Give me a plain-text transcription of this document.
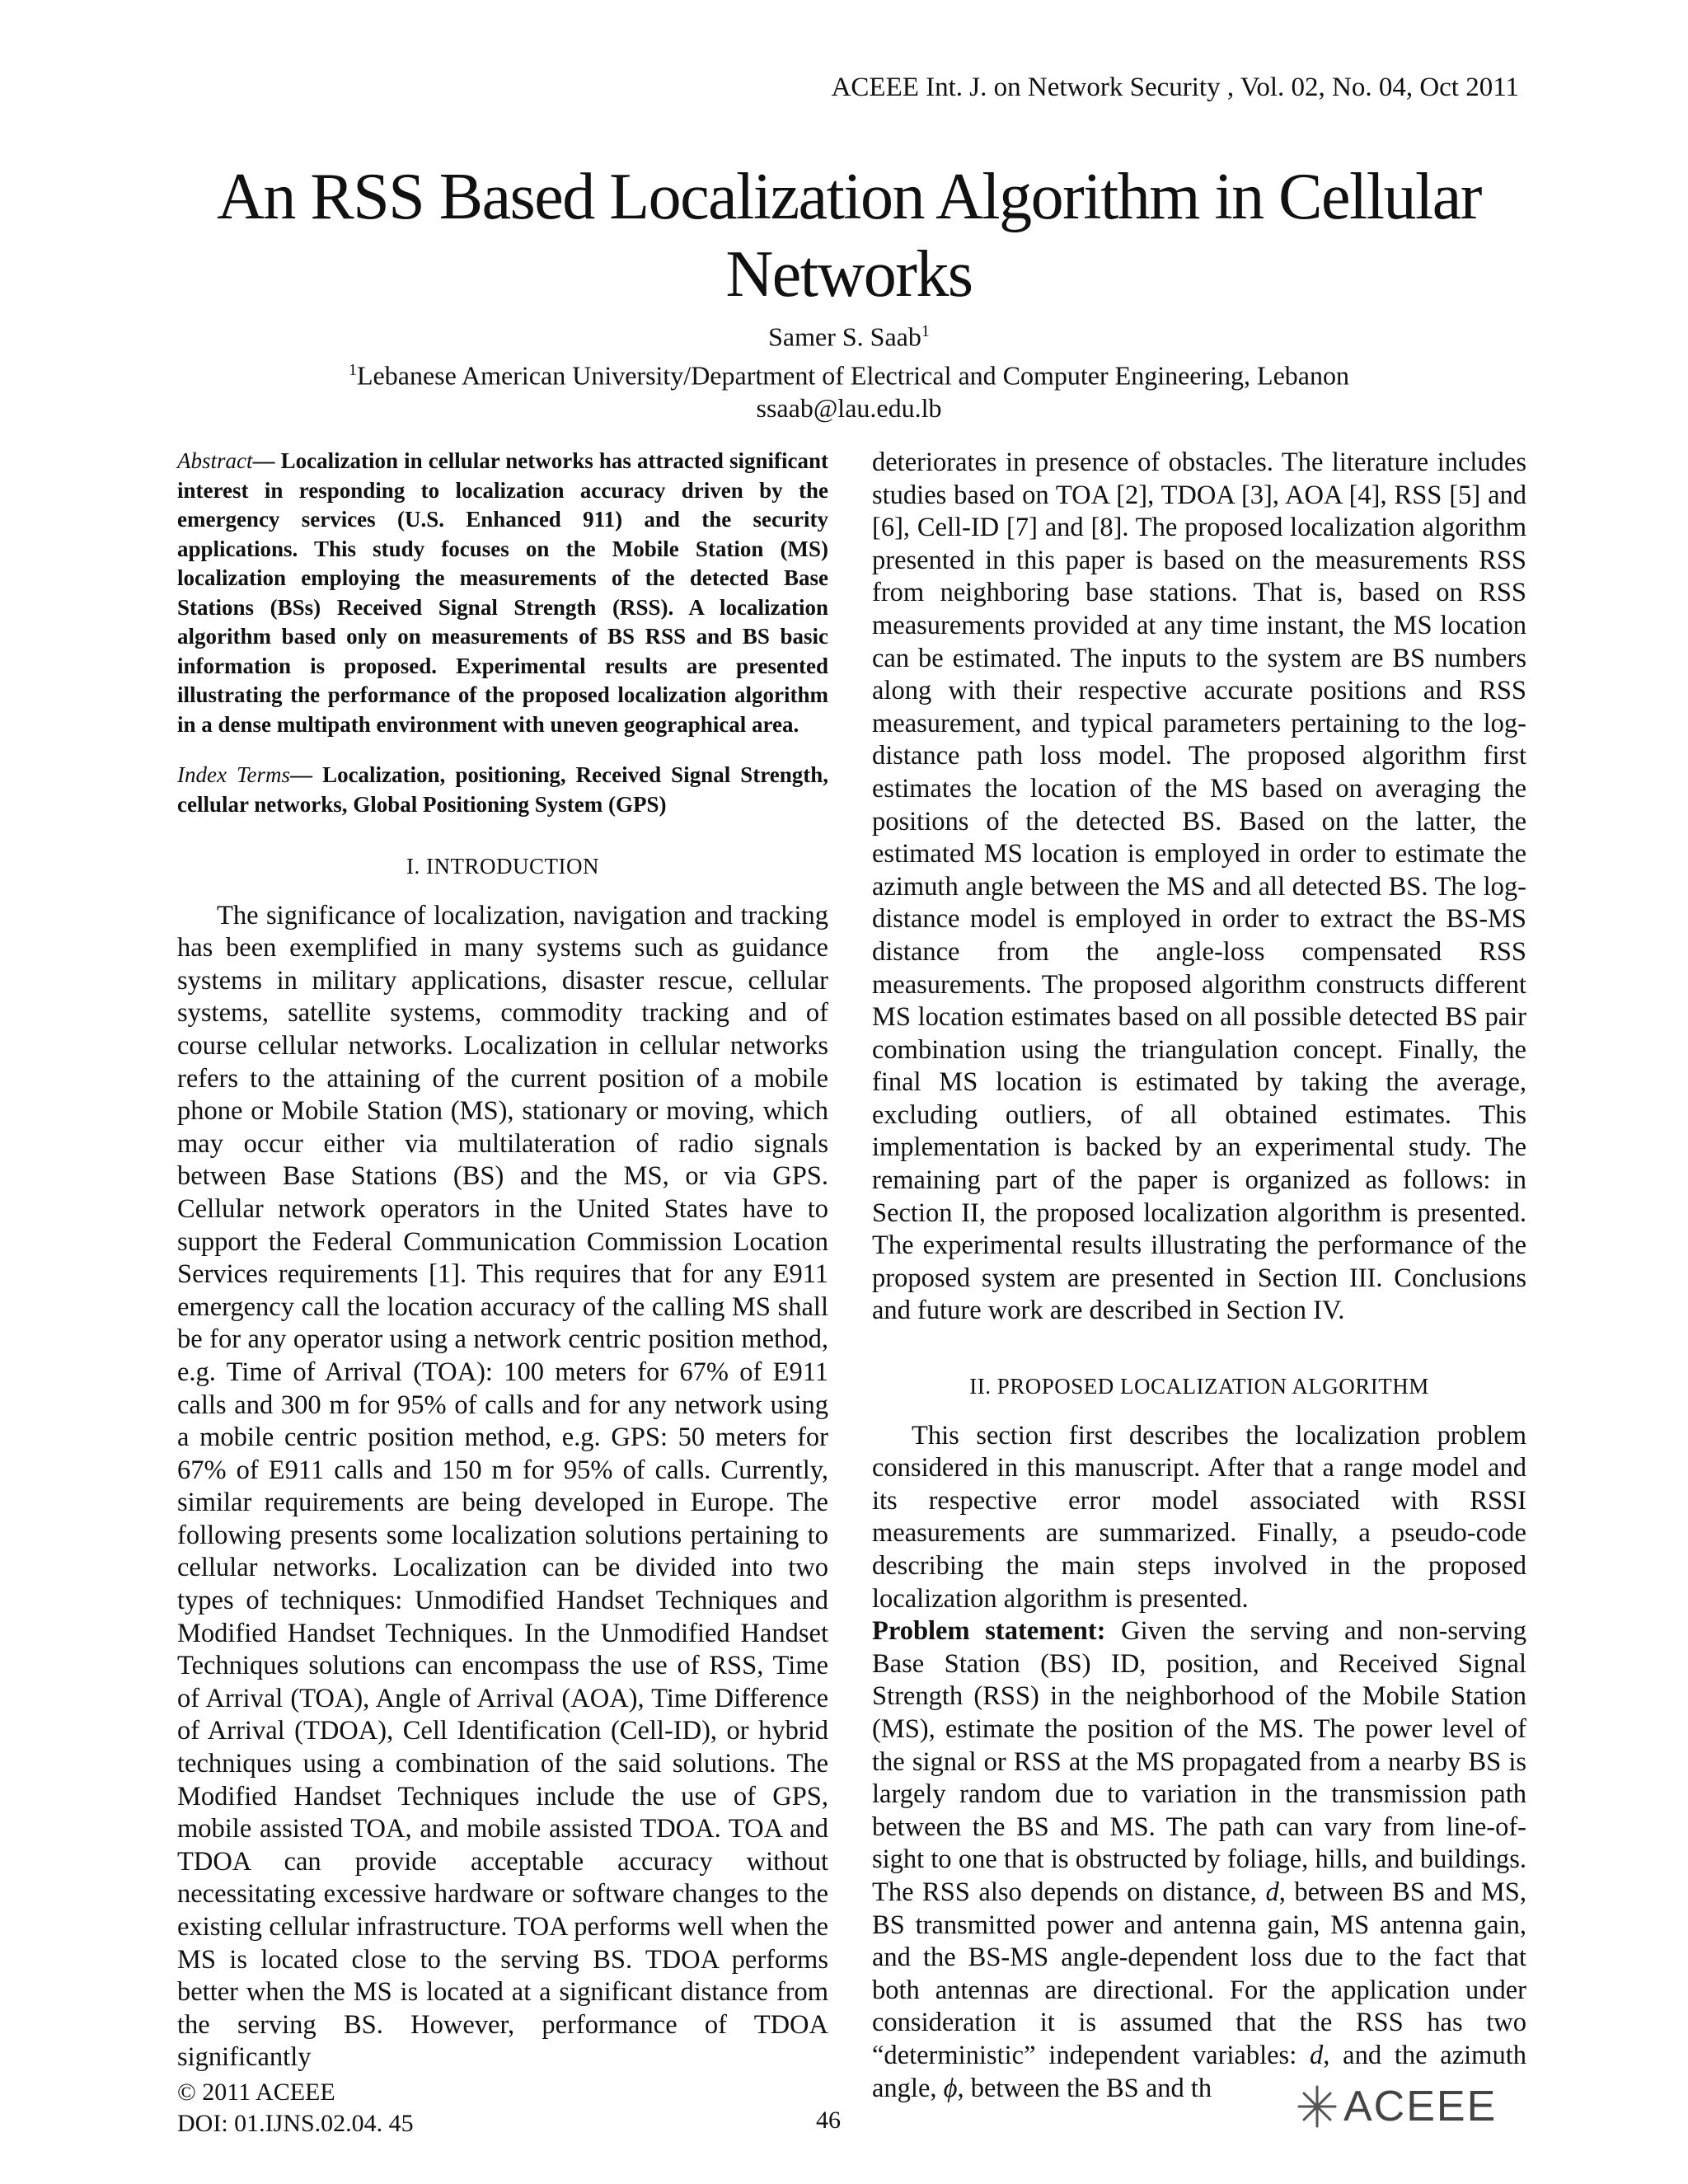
ACEEE Int. J. on Network Security , Vol. 02, No. 04, Oct 2011
An RSS Based Localization Algorithm in Cellular Networks
Samer S. Saab$^1$
$^1$Lebanese American University/Department of Electrical and Computer Engineering, Lebanon
ssaab@lau.edu.lb

Abstract— Localization in cellular networks has attracted significant interest in responding to localization accuracy driven by the emergency services (U.S. Enhanced 911) and the security applications. This study focuses on the Mobile Station (MS) localization employing the measurements of the detected Base Stations (BSs) Received Signal Strength (RSS). A localization algorithm based only on measurements of BS RSS and BS basic information is proposed. Experimental results are presented illustrating the performance of the proposed localization algorithm in a dense multipath environment with uneven geographical area.

Index Terms— Localization, positioning, Received Signal Strength, cellular networks, Global Positioning System (GPS)

I. INTRODUCTION

The significance of localization, navigation and tracking has been exemplified in many systems such as guidance systems in military applications, disaster rescue, cellular systems, satellite systems, commodity tracking and of course cellular networks. Localization in cellular networks refers to the attaining of the current position of a mobile phone or Mobile Station (MS), stationary or moving, which may occur either via multilateration of radio signals between Base Stations (BS) and the MS, or via GPS. Cellular network operators in the United States have to support the Federal Communication Commission Location Services requirements [1]. This requires that for any E911 emergency call the location accuracy of the calling MS shall be for any operator using a network centric position method, e.g. Time of Arrival (TOA): 100 meters for 67% of E911 calls and 300 m for 95% of calls and for any network using a mobile centric position method, e.g. GPS: 50 meters for 67% of E911 calls and 150 m for 95% of calls. Currently, similar requirements are being developed in Europe. The following presents some localization solutions pertaining to cellular networks. Localization can be divided into two types of techniques: Unmodified Handset Techniques and Modified Handset Techniques. In the Unmodified Handset Techniques solutions can encompass the use of RSS, Time of Arrival (TOA), Angle of Arrival (AOA), Time Difference of Arrival (TDOA), Cell Identification (Cell-ID), or hybrid techniques using a combination of the said solutions. The Modified Handset Techniques include the use of GPS, mobile assisted TOA, and mobile assisted TDOA. TOA and TDOA can provide acceptable accuracy without necessitating excessive hardware or software changes to the existing cellular infrastructure. TOA performs well when the MS is located close to the serving BS. TDOA performs better when the MS is located at a significant distance from the serving BS. However, performance of TDOA significantly

deteriorates in presence of obstacles. The literature includes studies based on TOA [2], TDOA [3], AOA [4], RSS [5] and [6], Cell-ID [7] and [8]. The proposed localization algorithm presented in this paper is based on the measurements RSS from neighboring base stations. That is, based on RSS measurements provided at any time instant, the MS location can be estimated. The inputs to the system are BS numbers along with their respective accurate positions and RSS measurement, and typical parameters pertaining to the log-distance path loss model. The proposed algorithm first estimates the location of the MS based on averaging the positions of the detected BS. Based on the latter, the estimated MS location is employed in order to estimate the azimuth angle between the MS and all detected BS. The log-distance model is employed in order to extract the BS-MS distance from the angle-loss compensated RSS measurements. The proposed algorithm constructs different MS location estimates based on all possible detected BS pair combination using the triangulation concept. Finally, the final MS location is estimated by taking the average, excluding outliers, of all obtained estimates. This implementation is backed by an experimental study. The remaining part of the paper is organized as follows: in Section II, the proposed localization algorithm is presented. The experimental results illustrating the performance of the proposed system are presented in Section III. Conclusions and future work are described in Section IV.

II. PROPOSED LOCALIZATION ALGORITHM

This section first describes the localization problem considered in this manuscript. After that a range model and its respective error model associated with RSSI measurements are summarized. Finally, a pseudo-code describing the main steps involved in the proposed localization algorithm is presented.

Problem statement: Given the serving and non-serving Base Station (BS) ID, position, and Received Signal Strength (RSS) in the neighborhood of the Mobile Station (MS), estimate the position of the MS. The power level of the signal or RSS at the MS propagated from a nearby BS is largely random due to variation in the transmission path between the BS and MS. The path can vary from line-of-sight to one that is obstructed by foliage, hills, and buildings. The RSS also depends on distance, d, between BS and MS, BS transmitted power and antenna gain, MS antenna gain, and the BS-MS angle-dependent loss due to the fact that both antennas are directional. For the application under consideration it is assumed that the RSS has two “deterministic” independent variables: d, and the azimuth angle, ϕ, between the BS and th

© 2011 ACEEE
DOI: 01.IJNS.02.04. 45	46	ACEEE
